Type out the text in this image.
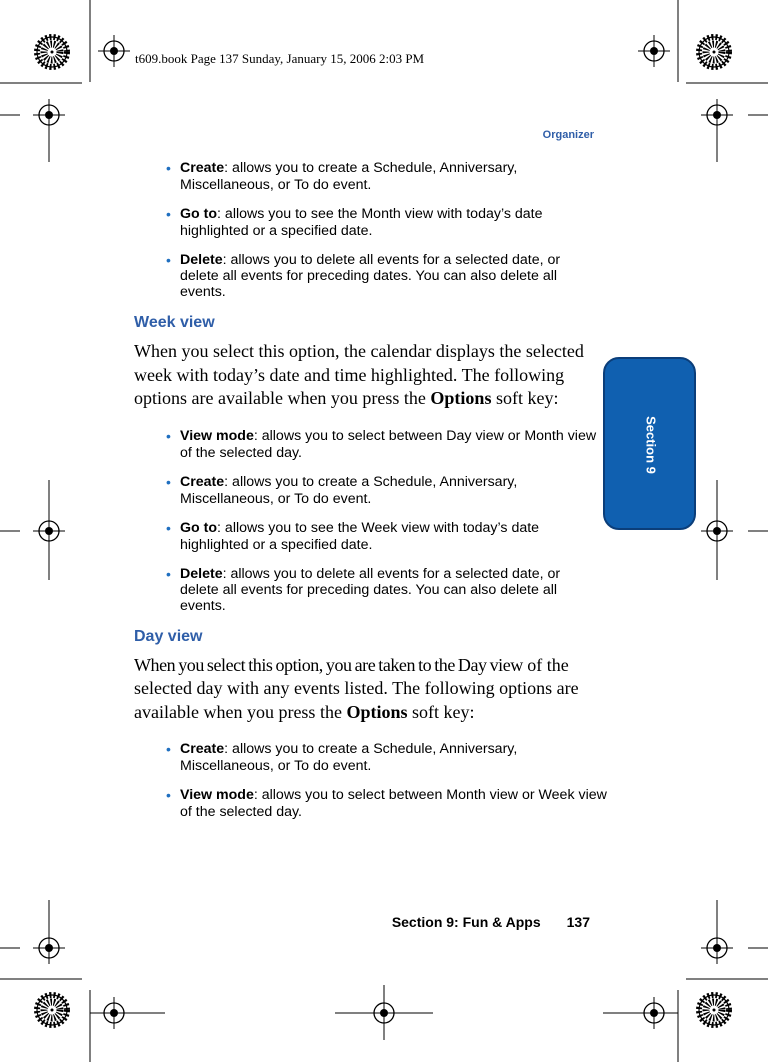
t609.book Page 137 Sunday, January 15, 2006 2:03 PM
Organizer
Section 9
• Create: allows you to create a Schedule, Anniversary, Miscellaneous, or To do event.
• Go to: allows you to see the Month view with today’s date highlighted or a specified date.
• Delete: allows you to delete all events for a selected date, or delete all events for preceding dates. You can also delete all events.
Week view

When you select this option, the calendar displays the selected week with today’s date and time highlighted. The following options are available when you press the Options soft key:

• View mode: allows you to select between Day view or Month view of the selected day.
• Create: allows you to create a Schedule, Anniversary, Miscellaneous, or To do event.
• Go to: allows you to see the Week view with today’s date highlighted or a specified date.
• Delete: allows you to delete all events for a selected date, or delete all events for preceding dates. You can also delete all events.
Day view

When you select this option, you are taken to the Day view of the selected day with any events listed. The following options are available when you press the Options soft key:

• Create: allows you to create a Schedule, Anniversary, Miscellaneous, or To do event.
• View mode: allows you to select between Month view or Week view of the selected day.
Section 9: Fun & Apps 137
